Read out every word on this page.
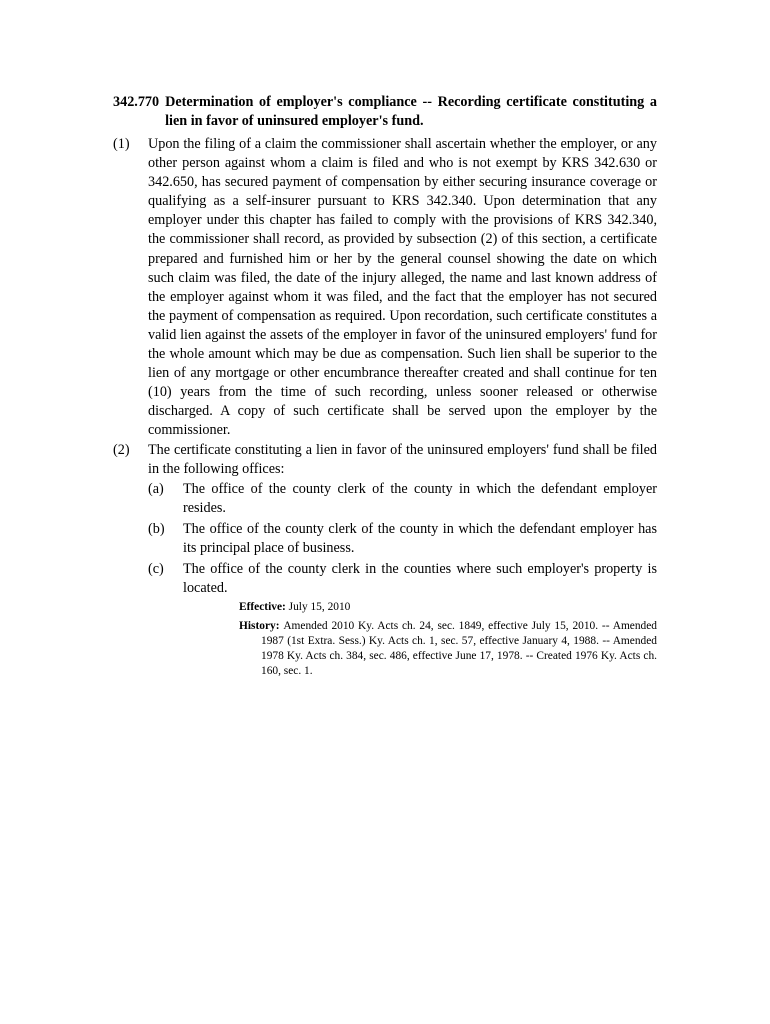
342.770 Determination of employer's compliance -- Recording certificate constituting a lien in favor of uninsured employer's fund.
(1)	Upon the filing of a claim the commissioner shall ascertain whether the employer, or any other person against whom a claim is filed and who is not exempt by KRS 342.630 or 342.650, has secured payment of compensation by either securing insurance coverage or qualifying as a self-insurer pursuant to KRS 342.340. Upon determination that any employer under this chapter has failed to comply with the provisions of KRS 342.340, the commissioner shall record, as provided by subsection (2) of this section, a certificate prepared and furnished him or her by the general counsel showing the date on which such claim was filed, the date of the injury alleged, the name and last known address of the employer against whom it was filed, and the fact that the employer has not secured the payment of compensation as required. Upon recordation, such certificate constitutes a valid lien against the assets of the employer in favor of the uninsured employers' fund for the whole amount which may be due as compensation. Such lien shall be superior to the lien of any mortgage or other encumbrance thereafter created and shall continue for ten (10) years from the time of such recording, unless sooner released or otherwise discharged. A copy of such certificate shall be served upon the employer by the commissioner.
(2)	The certificate constituting a lien in favor of the uninsured employers' fund shall be filed in the following offices:
(a)	The office of the county clerk of the county in which the defendant employer resides.
(b)	The office of the county clerk of the county in which the defendant employer has its principal place of business.
(c)	The office of the county clerk in the counties where such employer's property is located.
Effective: July 15, 2010
History: Amended 2010 Ky. Acts ch. 24, sec. 1849, effective July 15, 2010. -- Amended 1987 (1st Extra. Sess.) Ky. Acts ch. 1, sec. 57, effective January 4, 1988. -- Amended 1978 Ky. Acts ch. 384, sec. 486, effective June 17, 1978. -- Created 1976 Ky. Acts ch. 160, sec. 1.
